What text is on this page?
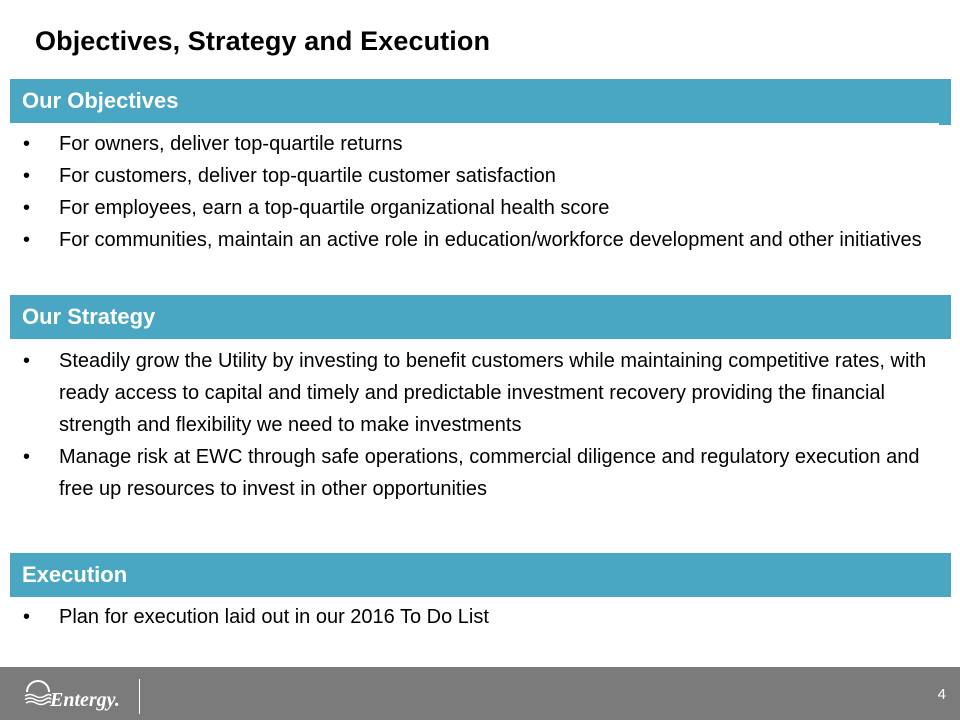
Objectives, Strategy and Execution
Our Objectives
• For owners, deliver top-quartile returns
• For customers, deliver top-quartile customer satisfaction
• For employees, earn a top-quartile organizational health score
• For communities, maintain an active role in education/workforce development and other initiatives
Our Strategy
• Steadily grow the Utility by investing to benefit customers while maintaining competitive rates, with ready access to capital and timely and predictable investment recovery providing the financial strength and flexibility we need to make investments
• Manage risk at EWC through safe operations, commercial diligence and regulatory execution and free up resources to invest in other opportunities
Execution
• Plan for execution laid out in our 2016 To Do List
Entergy.	4
